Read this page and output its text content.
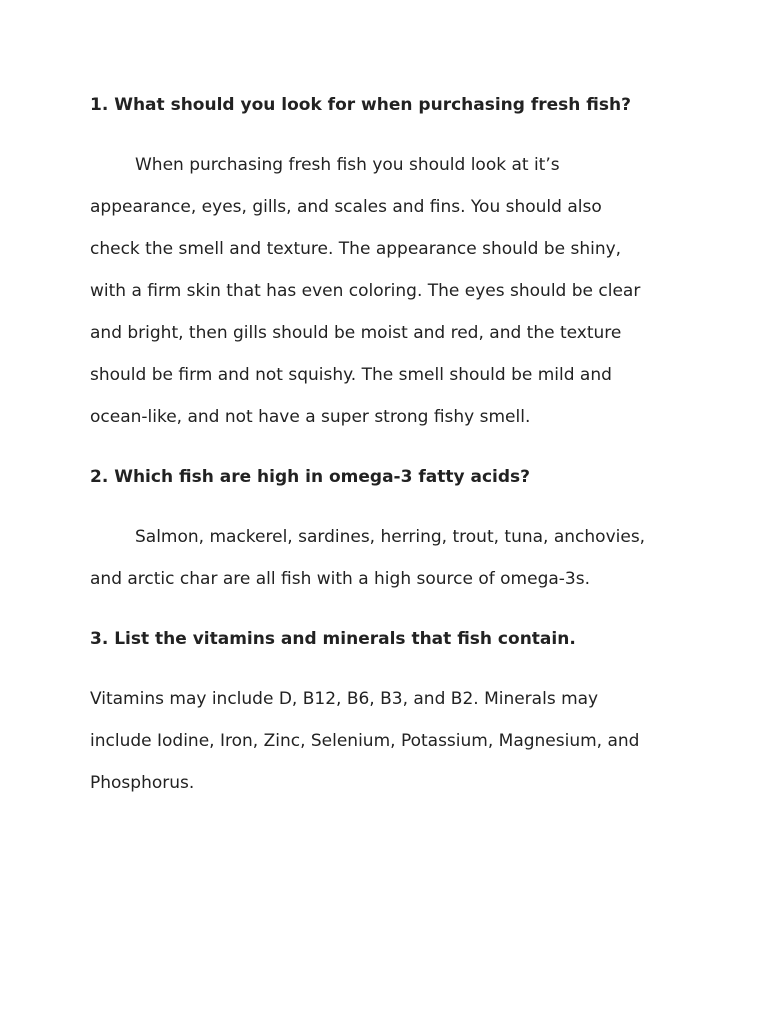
1. What should you look for when purchasing fresh fish?

When purchasing fresh fish you should look at it’s
appearance, eyes, gills, and scales and fins. You should also
check the smell and texture. The appearance should be shiny,
with a firm skin that has even coloring. The eyes should be clear
and bright, then gills should be moist and red, and the texture
should be firm and not squishy. The smell should be mild and
ocean-like, and not have a super strong fishy smell.

2. Which fish are high in omega-3 fatty acids?

Salmon, mackerel, sardines, herring, trout, tuna, anchovies,
and arctic char are all fish with a high source of omega-3s.

3. List the vitamins and minerals that fish contain.

Vitamins may include D, B12, B6, B3, and B2. Minerals may
include Iodine, Iron, Zinc, Selenium, Potassium, Magnesium, and
Phosphorus.
